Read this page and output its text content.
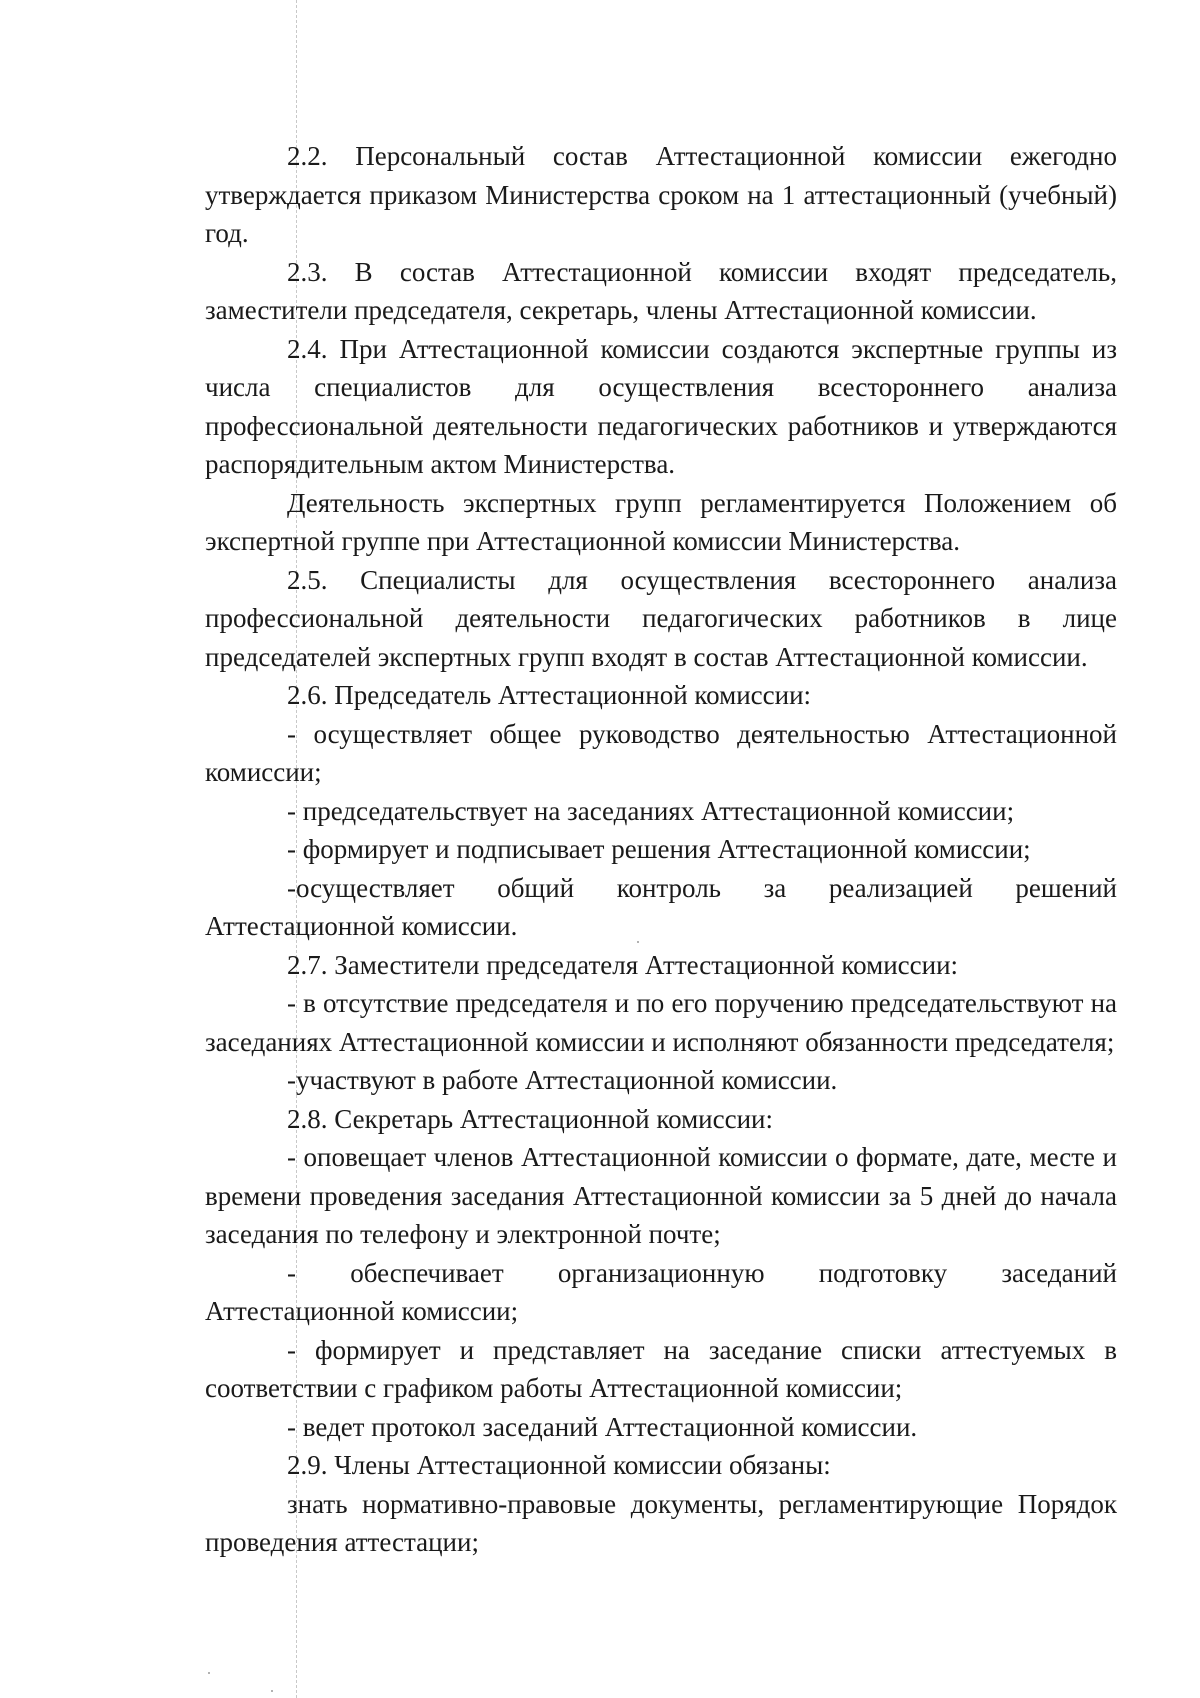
2.2. Персональный состав Аттестационной комиссии ежегодно утверждается приказом Министерства сроком на 1 аттестационный (учебный) год.

2.3. В состав Аттестационной комиссии входят председатель, заместители председателя, секретарь, члены Аттестационной комиссии.

2.4. При Аттестационной комиссии создаются экспертные группы из числа специалистов для осуществления всестороннего анализа профессиональной деятельности педагогических работников и утверждаются распорядительным актом Министерства.

Деятельность экспертных групп регламентируется Положением об экспертной группе при Аттестационной комиссии Министерства.

2.5. Специалисты для осуществления всестороннего анализа профессиональной деятельности педагогических работников в лице председателей экспертных групп входят в состав Аттестационной комиссии.

2.6. Председатель Аттестационной комиссии:

- осуществляет общее руководство деятельностью Аттестационной комиссии;

- председательствует на заседаниях Аттестационной комиссии;

- формирует и подписывает решения Аттестационной комиссии;

-осуществляет общий контроль за реализацией решений Аттестационной комиссии.

2.7. Заместители председателя Аттестационной комиссии:

- в отсутствие председателя и по его поручению председательствуют на заседаниях Аттестационной комиссии и исполняют обязанности председателя;

-участвуют в работе Аттестационной комиссии.

2.8. Секретарь Аттестационной комиссии:

- оповещает членов Аттестационной комиссии о формате, дате, месте и времени проведения заседания Аттестационной комиссии за 5 дней до начала заседания по телефону и электронной почте;

- обеспечивает организационную подготовку заседаний Аттестационной комиссии;

- формирует и представляет на заседание списки аттестуемых в соответствии с графиком работы Аттестационной комиссии;

- ведет протокол заседаний Аттестационной комиссии.

2.9. Члены Аттестационной комиссии обязаны:

знать нормативно-правовые документы, регламентирующие Порядок проведения аттестации;
